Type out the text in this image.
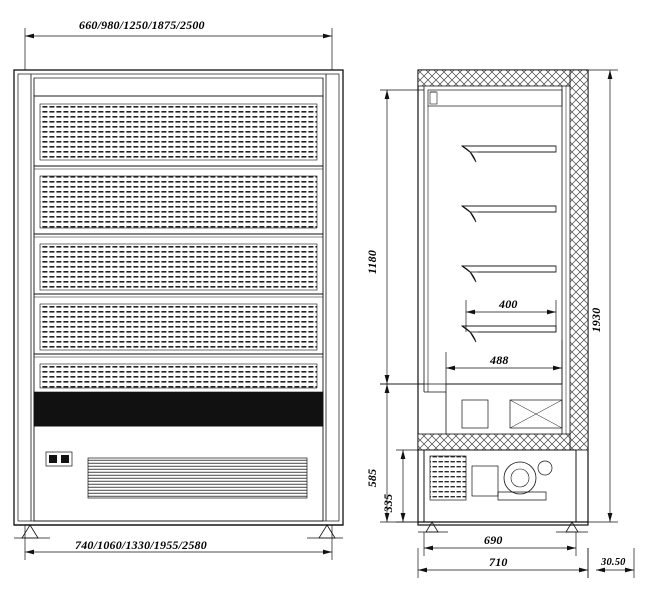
660/980/1250/1875/2500
740/1060/1330/1955/2580
1180
585
335
1930
400
488
690
710	30.50
